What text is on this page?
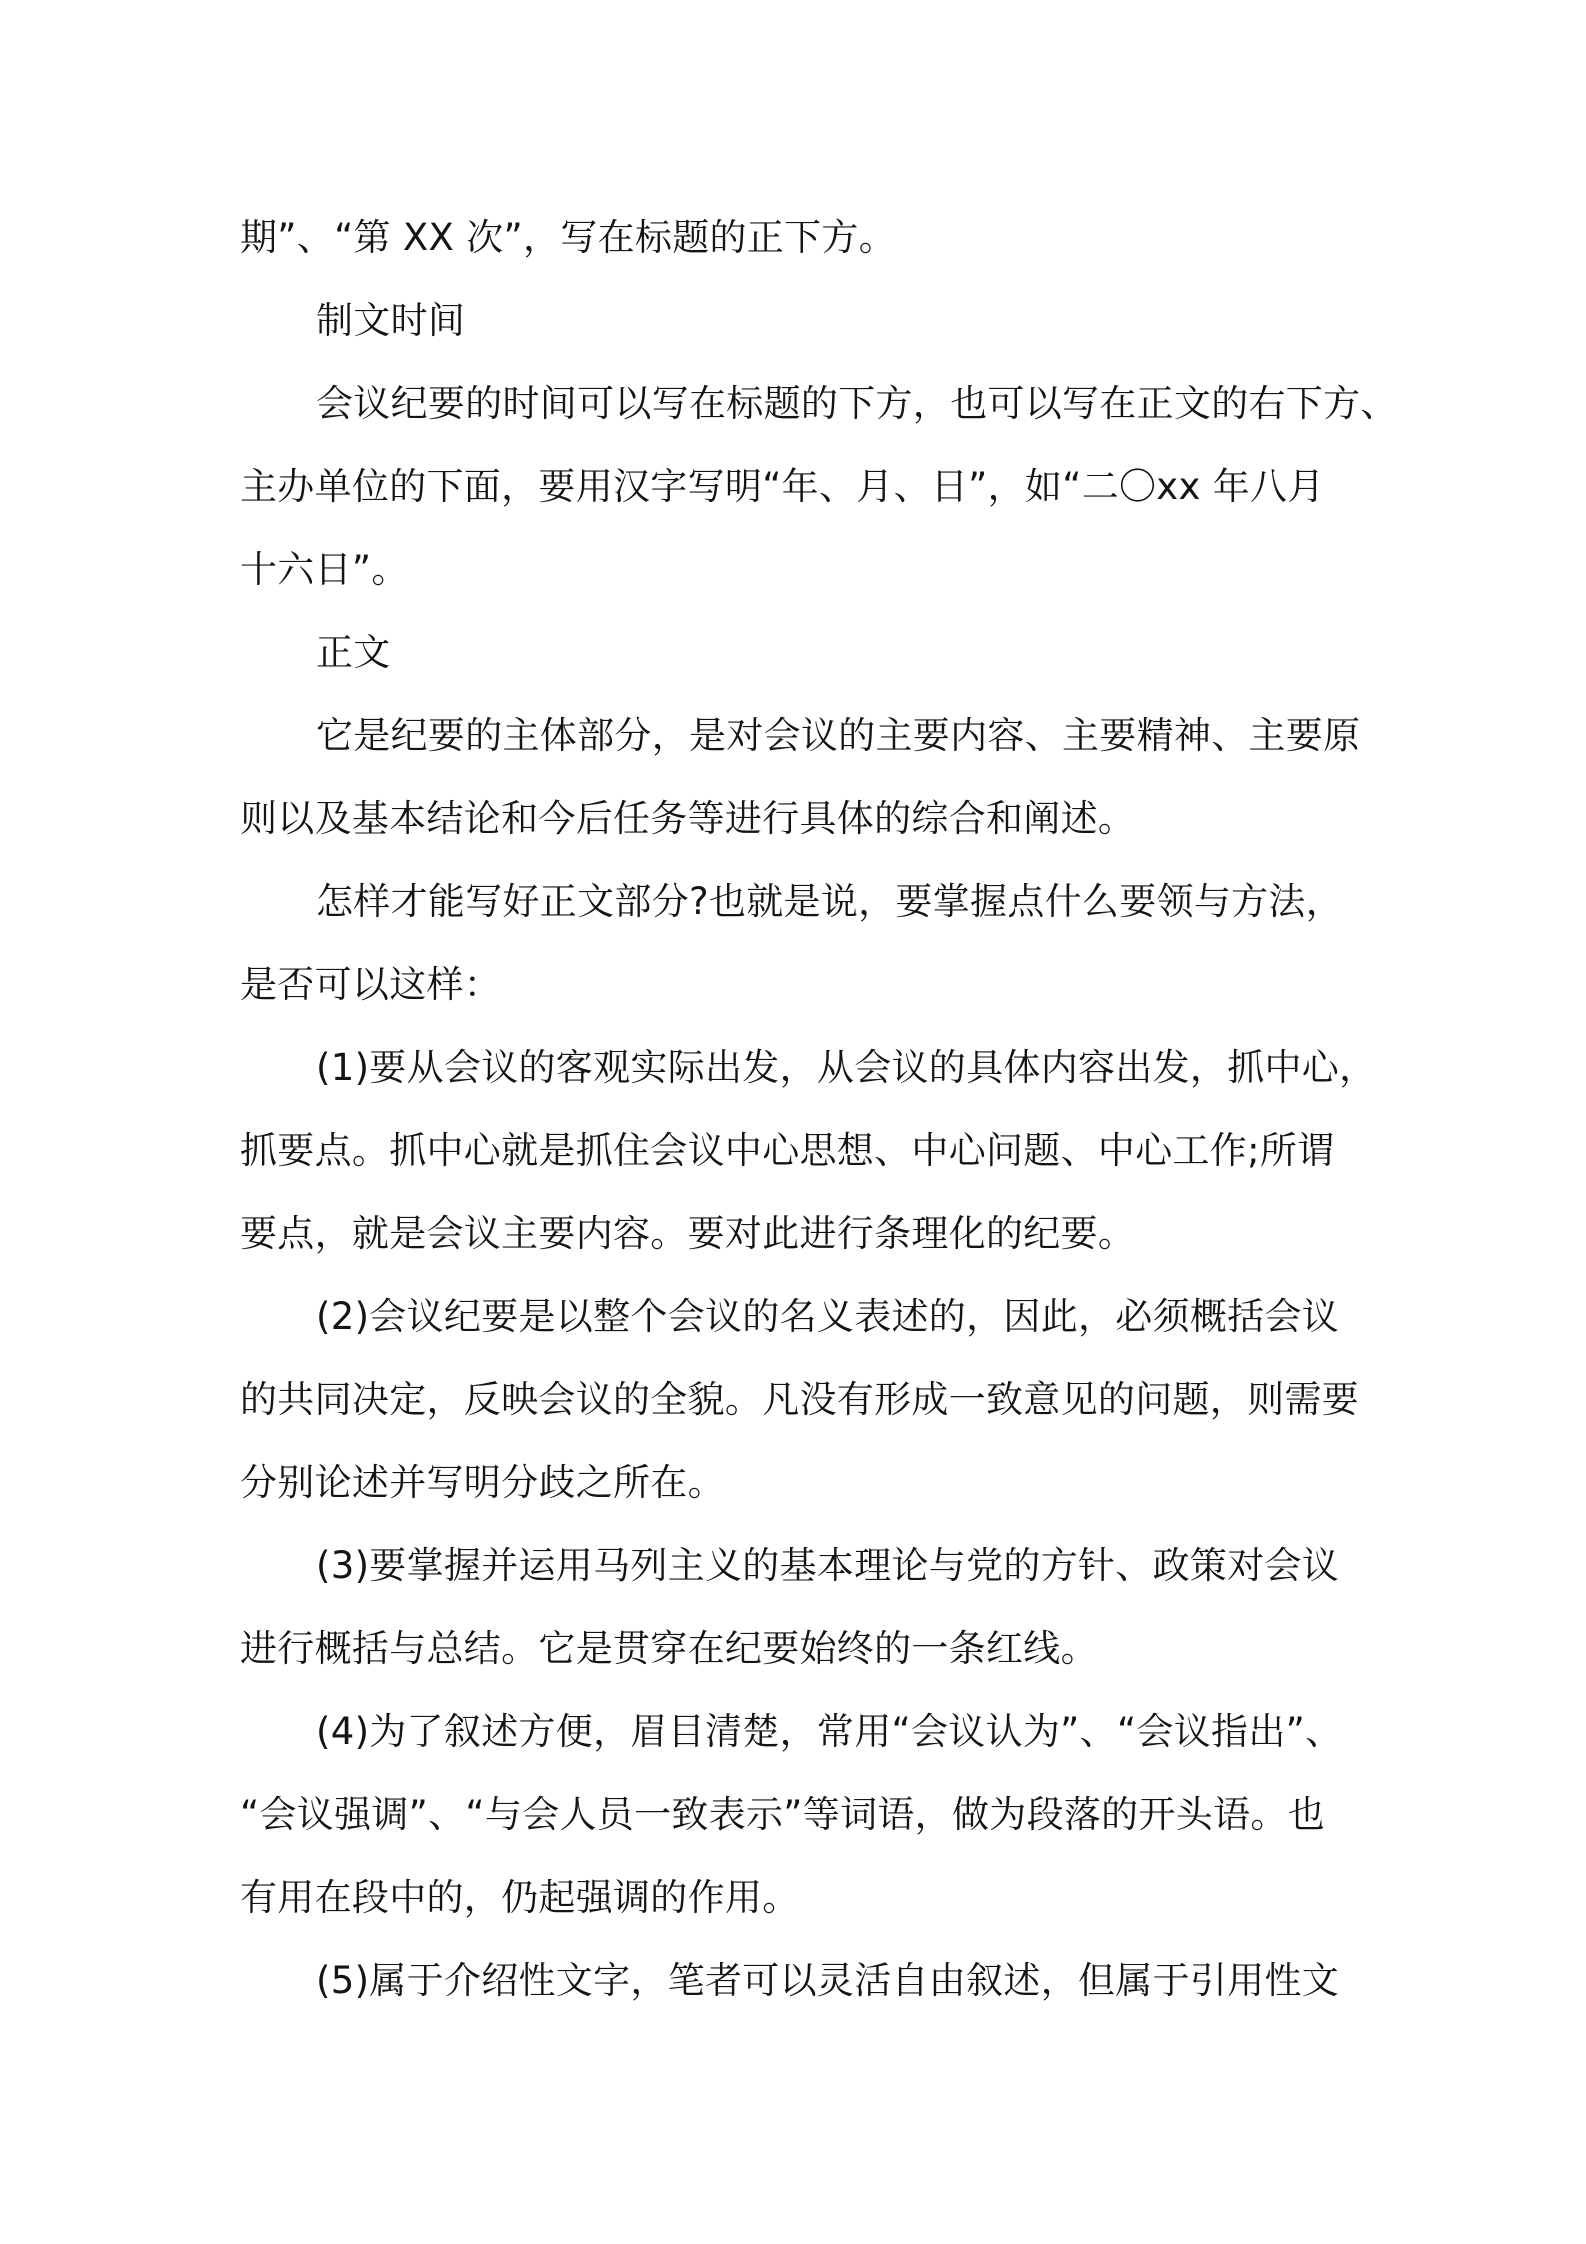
期”、“第 XX 次”，写在标题的正下方。
制文时间
会议纪要的时间可以写在标题的下方，也可以写在正文的右下方、
主办单位的下面，要用汉字写明“年、月、日”，如“二〇xx 年八月
十六日”。
正文
它是纪要的主体部分，是对会议的主要内容、主要精神、主要原
则以及基本结论和今后任务等进行具体的综合和阐述。
怎样才能写好正文部分?也就是说，要掌握点什么要领与方法，
是否可以这样：
(1)要从会议的客观实际出发，从会议的具体内容出发，抓中心，
抓要点。抓中心就是抓住会议中心思想、中心问题、中心工作;所谓
要点，就是会议主要内容。要对此进行条理化的纪要。
(2)会议纪要是以整个会议的名义表述的，因此，必须概括会议
的共同决定，反映会议的全貌。凡没有形成一致意见的问题，则需要
分别论述并写明分歧之所在。
(3)要掌握并运用马列主义的基本理论与党的方针、政策对会议
进行概括与总结。它是贯穿在纪要始终的一条红线。
(4)为了叙述方便，眉目清楚，常用“会议认为”、“会议指出”、
“会议强调”、“与会人员一致表示”等词语，做为段落的开头语。也
有用在段中的，仍起强调的作用。
(5)属于介绍性文字，笔者可以灵活自由叙述，但属于引用性文
